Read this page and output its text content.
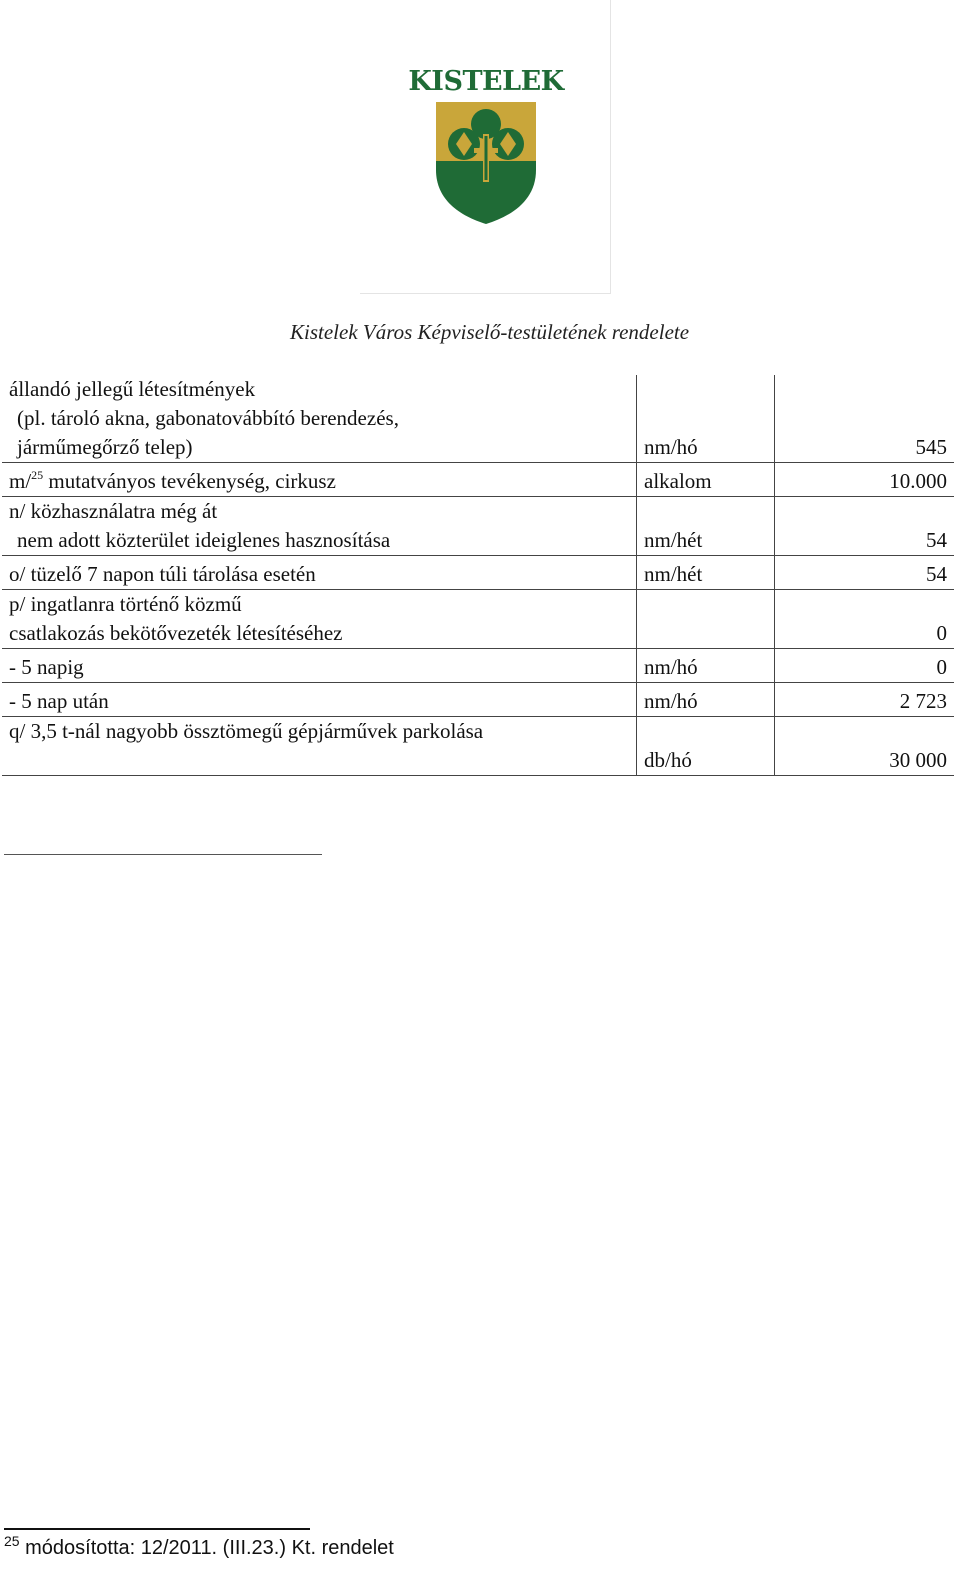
KISTELEK
Kistelek Város Képviselő-testületének rendelete
állandó jellegű létesítmények
(pl. tároló akna, gabonatovábbító berendezés,
járműmegőrző telep)	nm/hó	545
m/$^{25}$ mutatványos tevékenység, cirkusz	alkalom	10.000

n/ közhasználatra még át
nem adott közterület ideiglenes hasznosítása	nm/hét	54
o/ tüzelő 7 napon túli tárolása esetén	nm/hét	54

p/ ingatlanra történő közmű
csatlakozás bekötővezeték létesítéséhez		0
- 5 napig	nm/hó	0
- 5 nap után	nm/hó	2 723
q/ 3,5 t-nál nagyobb össztömegű gépjárművek parkolása	db/hó	30 000
$^{25}$ módosította: 12/2011. (III.23.) Kt. rendelet
